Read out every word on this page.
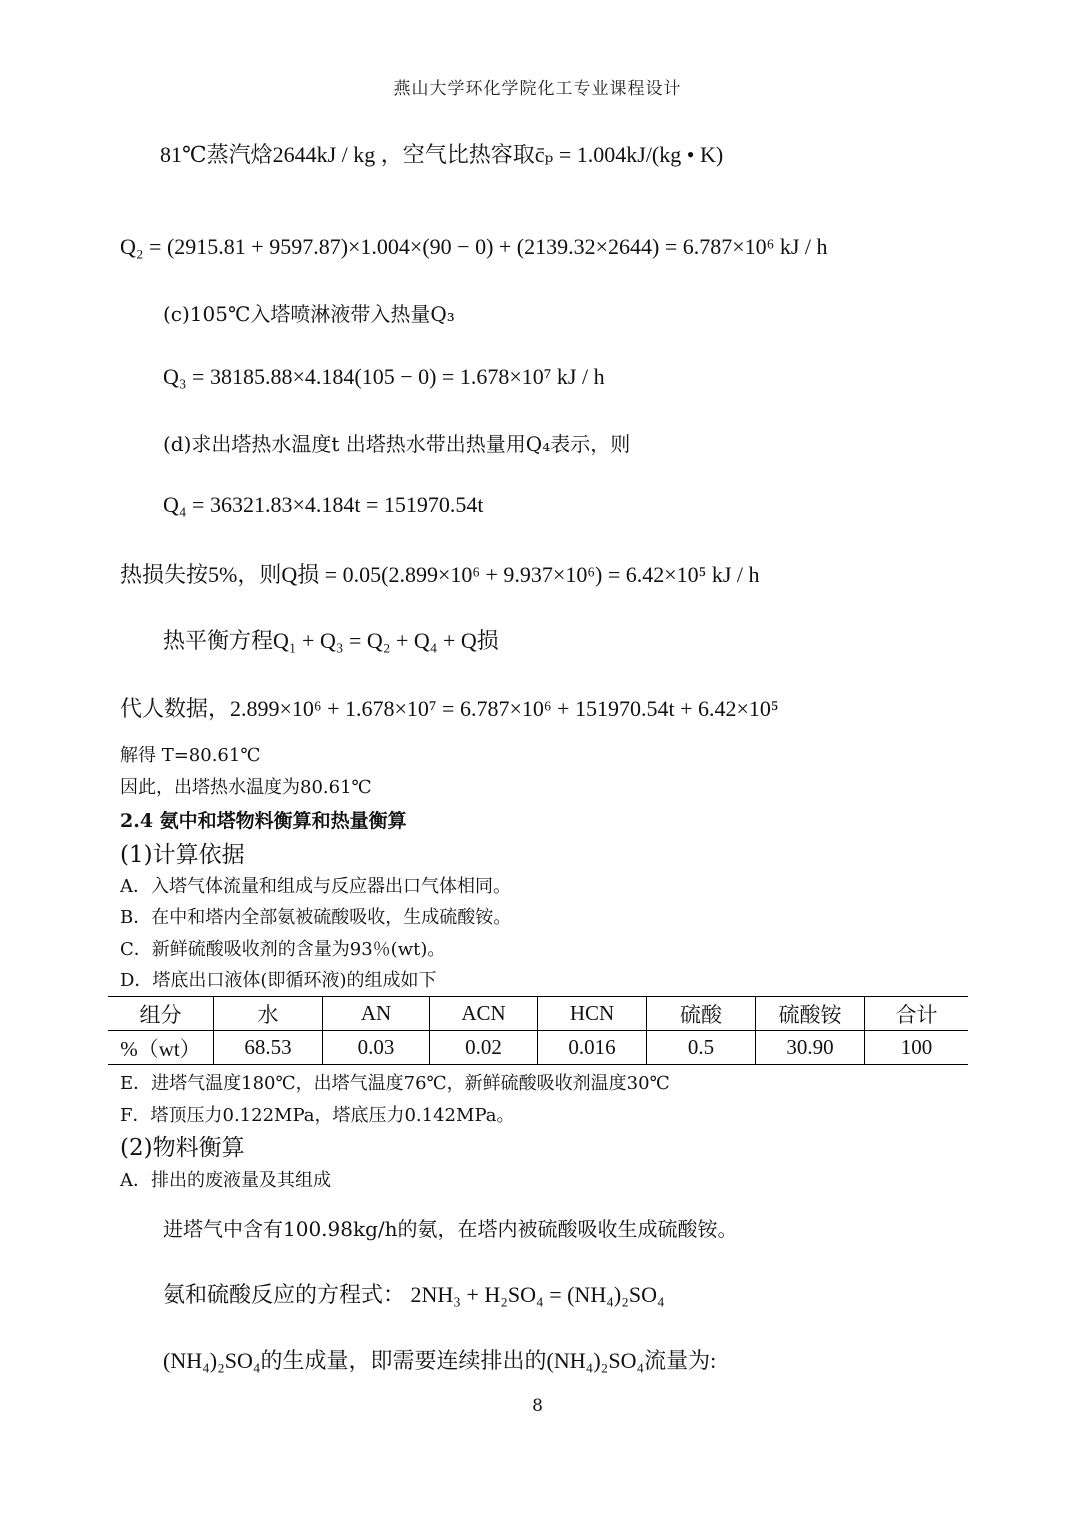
燕山大学环化学院化工专业课程设计
81℃蒸汽焓2644kJ / kg ，空气比热容取c̄ₚ = 1.004kJ/(kg • K)
Q₂ = (2915.81 + 9597.87)×1.004×(90 − 0) + (2139.32×2644) = 6.787×10⁶ kJ / h
(c)105℃入塔喷淋液带入热量Q₃
Q₃ = 38185.88×4.184(105 − 0) = 1.678×10⁷ kJ / h
(d)求出塔热水温度t 出塔热水带出热量用Q₄表示，则
Q₄ = 36321.83×4.184t = 151970.54t
热损失按5%，则Q损 = 0.05(2.899×10⁶ + 9.937×10⁶) = 6.42×10⁵ kJ / h
热平衡方程Q₁ + Q₃ = Q₂ + Q₄ + Q损
代人数据，2.899×10⁶ + 1.678×10⁷ = 6.787×10⁶ + 151970.54t + 6.42×10⁵
解得 T=80.61℃
因此，出塔热水温度为80.61℃
2.4 氨中和塔物料衡算和热量衡算
(1)计算依据
A．入塔气体流量和组成与反应器出口气体相同。
B．在中和塔内全部氨被硫酸吸收，生成硫酸铵。
C．新鲜硫酸吸收剂的含量为93％(wt)。
D．塔底出口液体(即循环液)的组成如下
组分	水	AN	ACN	HCN	硫酸	硫酸铵	合计
%（wt）	68.53	0.03	0.02	0.016	0.5	30.90	100
E．进塔气温度180℃，出塔气温度76℃，新鲜硫酸吸收剂温度30℃
F．塔顶压力0.122MPa，塔底压力0.142MPa。
(2)物料衡算
A．排出的废液量及其组成
进塔气中含有100.98kg/h的氨，在塔内被硫酸吸收生成硫酸铵。
氨和硫酸反应的方程式： 2NH₃ + H₂SO₄ = (NH₄)₂SO₄
(NH₄)₂SO₄的生成量，即需要连续排出的(NH₄)₂SO₄流量为:
8
